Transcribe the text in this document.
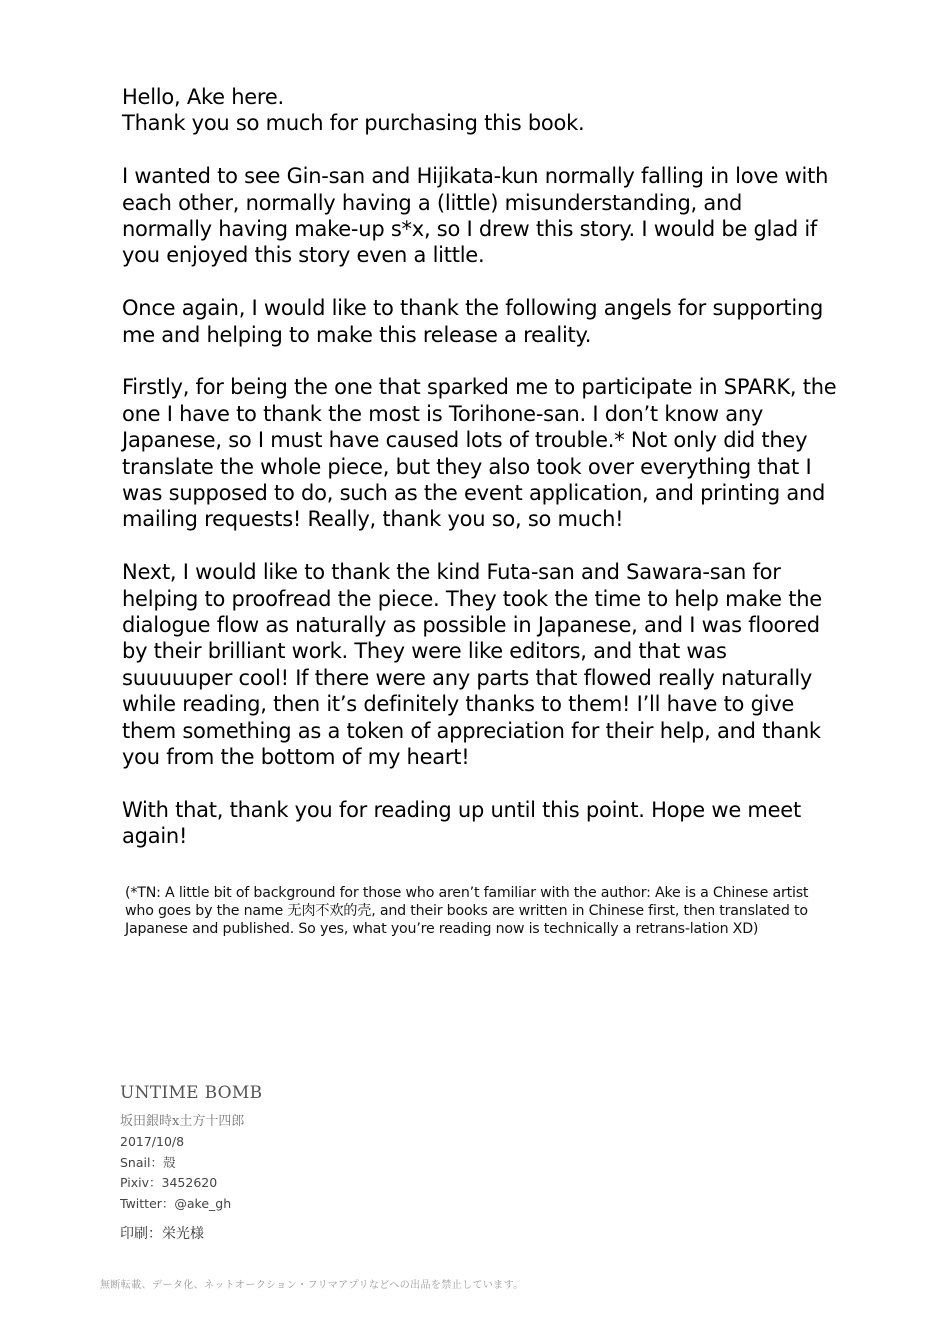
Hello, Ake here.
Thank you so much for purchasing this book.

I wanted to see Gin-san and Hijikata-kun normally falling in love with each other, normally having a (little) misunderstanding, and normally having make-up s*x, so I drew this story. I would be glad if you enjoyed this story even a little.

Once again, I would like to thank the following angels for supporting me and helping to make this release a reality.

Firstly, for being the one that sparked me to participate in SPARK, the one I have to thank the most is Torihone-san. I don’t know any Japanese, so I must have caused lots of trouble.* Not only did they translate the whole piece, but they also took over everything that I was supposed to do, such as the event application, and printing and mailing requests! Really, thank you so, so much!

Next, I would like to thank the kind Futa-san and Sawara-san for helping to proofread the piece. They took the time to help make the dialogue flow as naturally as possible in Japanese, and I was floored by their brilliant work. They were like editors, and that was suuuuuper cool! If there were any parts that flowed really naturally while reading, then it’s definitely thanks to them! I’ll have to give them something as a token of appreciation for their help, and thank you from the bottom of my heart!

With that, thank you for reading up until this point. Hope we meet again!

(*TN: A little bit of background for those who aren’t familiar with the author: Ake is a Chinese artist who goes by the name 无肉不欢的壳, and their books are written in Chinese first, then translated to Japanese and published. So yes, what you’re reading now is technically a retrans-lation XD)

UNTIME BOMB
坂田銀時x土方十四郎
2017/10/8
Snail：殻
Pixiv：3452620
Twitter：@ake_gh
印刷：栄光様
無断転載、データ化、ネットオークション・フリマアプリなどへの出品を禁止しています。
